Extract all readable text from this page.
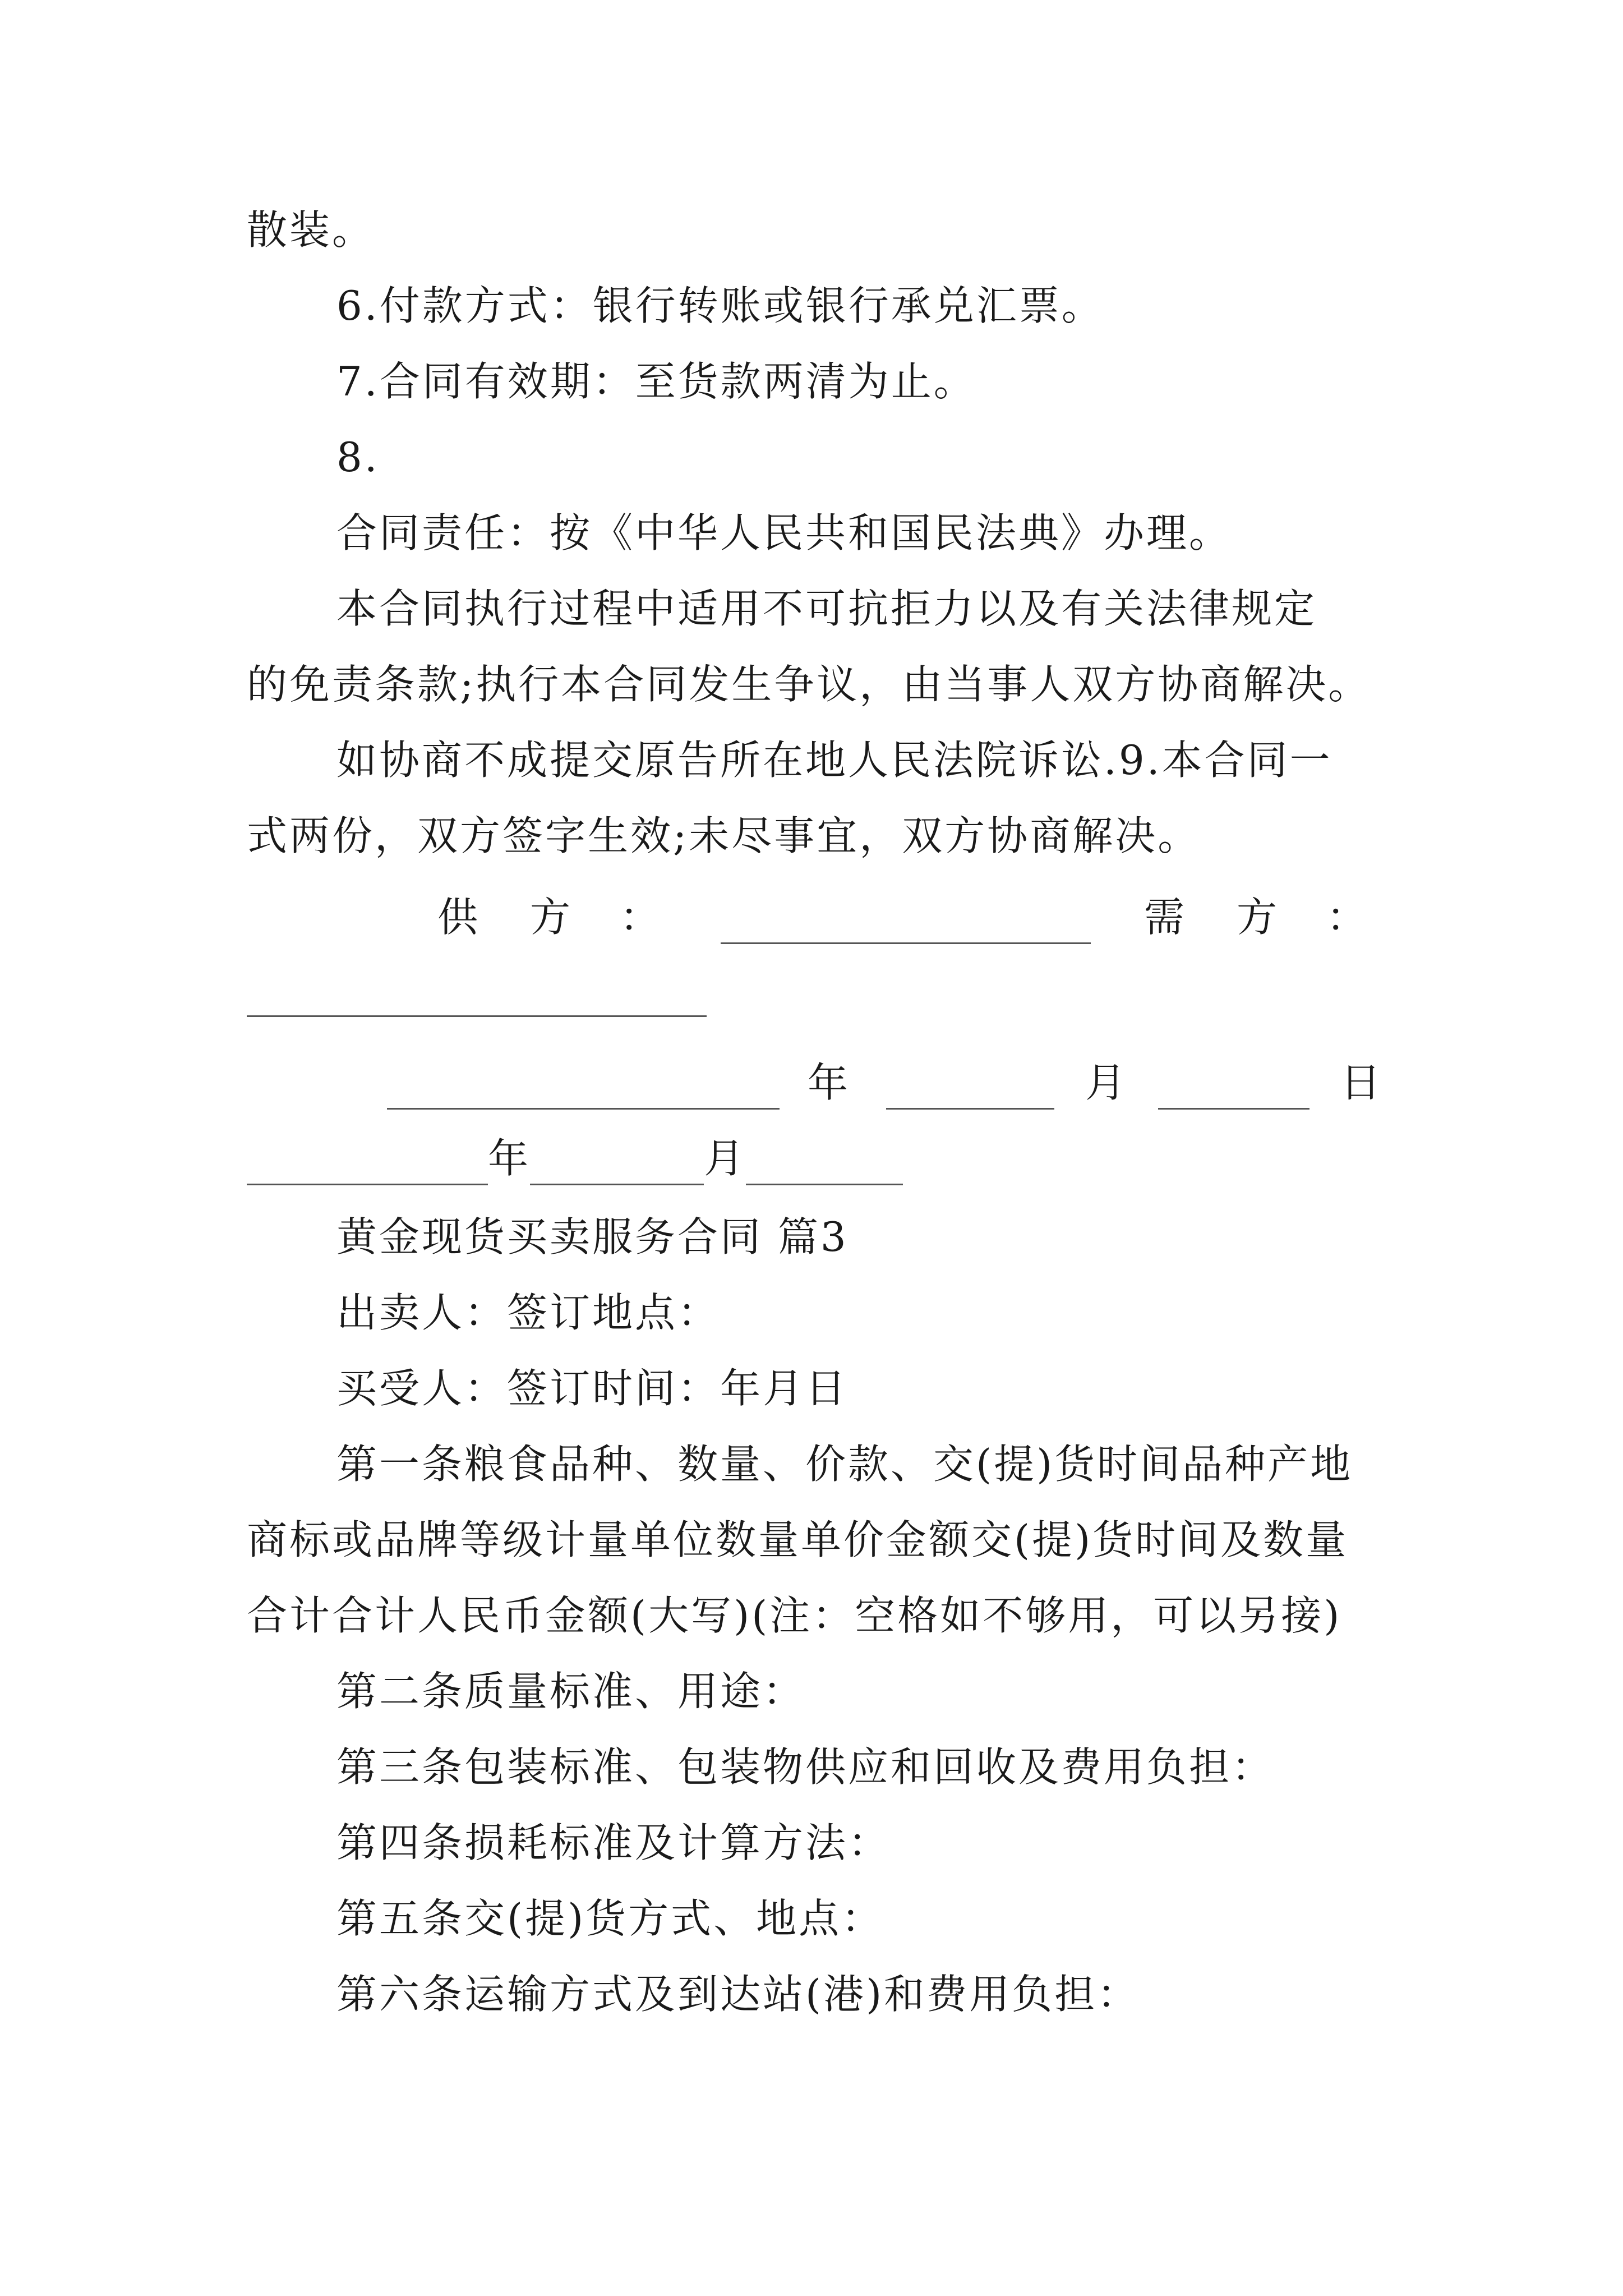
散装。
6.付款方式：银行转账或银行承兑汇票。
7.合同有效期：至货款两清为止。
8.
合同责任：按《中华人民共和国民法典》办理。
本合同执行过程中适用不可抗拒力以及有关法律规定
的免责条款;执行本合同发生争议，由当事人双方协商解决。
如协商不成提交原告所在地人民法院诉讼.9.本合同一
式两份，双方签字生效;未尽事宜，双方协商解决。
供 方 ：	需 方 ：
年	月	日
年	月
黄金现货买卖服务合同 篇3
出卖人：签订地点：
买受人：签订时间：年月日
第一条粮食品种、数量、价款、交(提)货时间品种产地
商标或品牌等级计量单位数量单价金额交(提)货时间及数量
合计合计人民币金额(大写)(注：空格如不够用，可以另接)
第二条质量标准、用途：
第三条包装标准、包装物供应和回收及费用负担：
第四条损耗标准及计算方法：
第五条交(提)货方式、地点：
第六条运输方式及到达站(港)和费用负担：
